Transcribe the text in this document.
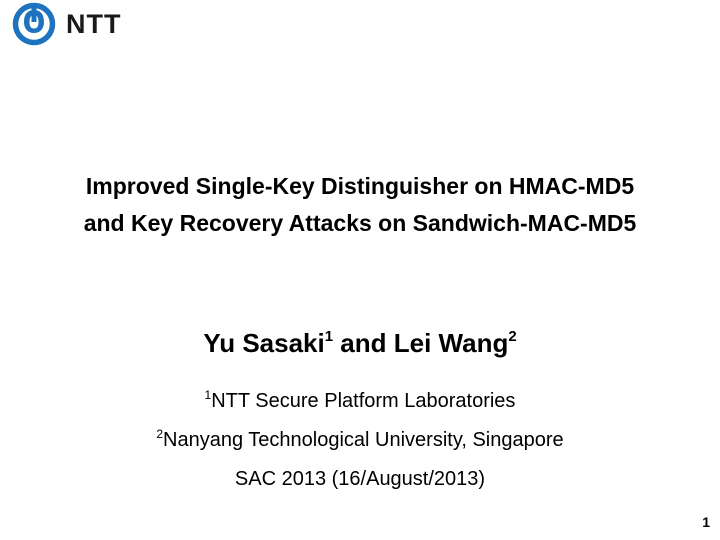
NTT
Improved Single-Key Distinguisher on HMAC-MD5
and Key Recovery Attacks on Sandwich-MAC-MD5
Yu Sasaki$^1$ and Lei Wang$^2$
$^1$NTT Secure Platform Laboratories
$^2$Nanyang Technological University, Singapore
SAC 2013 (16/August/2013)
1
